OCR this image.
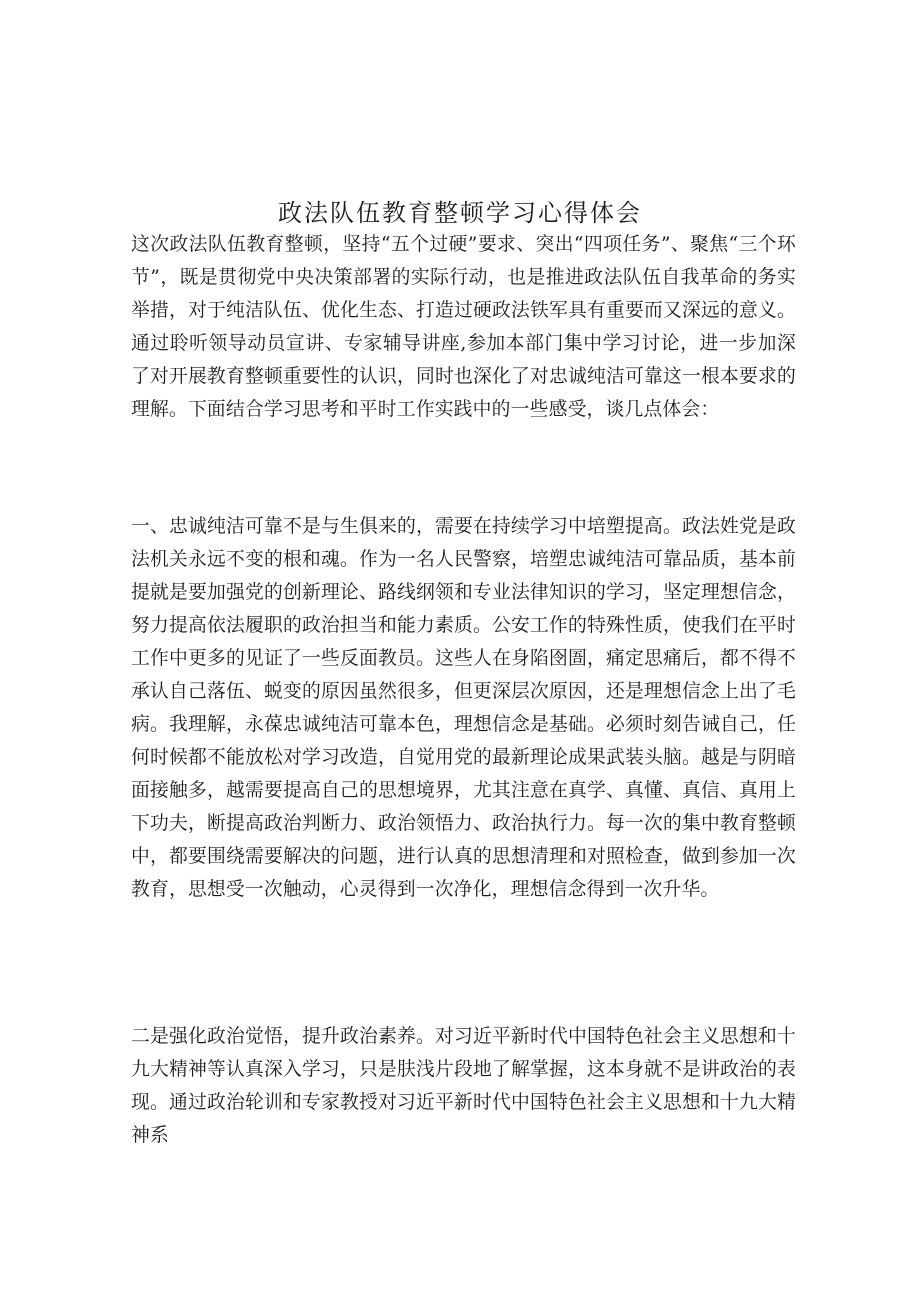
政法队伍教育整顿学习心得体会

这次政法队伍教育整顿，坚持“五个过硬”要求、突出“四项任务”、聚焦“三个环节”，既是贯彻党中央决策部署的实际行动，也是推进政法队伍自我革命的务实举措，对于纯洁队伍、优化生态、打造过硬政法铁军具有重要而又深远的意义。通过聆听领导动员宣讲、专家辅导讲座,参加本部门集中学习讨论，进一步加深了对开展教育整顿重要性的认识，同时也深化了对忠诚纯洁可靠这一根本要求的理解。下面结合学习思考和平时工作实践中的一些感受，谈几点体会：

一、忠诚纯洁可靠不是与生俱来的，需要在持续学习中培塑提高。政法姓党是政法机关永远不变的根和魂。作为一名人民警察，培塑忠诚纯洁可靠品质，基本前提就是要加强党的创新理论、路线纲领和专业法律知识的学习，坚定理想信念，努力提高依法履职的政治担当和能力素质。公安工作的特殊性质，使我们在平时工作中更多的见证了一些反面教员。这些人在身陷囹圄，痛定思痛后，都不得不承认自己落伍、蜕变的原因虽然很多，但更深层次原因，还是理想信念上出了毛病。我理解，永葆忠诚纯洁可靠本色，理想信念是基础。必须时刻告诫自己，任何时候都不能放松对学习改造，自觉用党的最新理论成果武装头脑。越是与阴暗面接触多，越需要提高自己的思想境界，尤其注意在真学、真懂、真信、真用上下功夫，断提高政治判断力、政治领悟力、政治执行力。每一次的集中教育整顿中，都要围绕需要解决的问题，进行认真的思想清理和对照检查，做到参加一次教育，思想受一次触动，心灵得到一次净化，理想信念得到一次升华。

二是强化政治觉悟，提升政治素养。对习近平新时代中国特色社会主义思想和十九大精神等认真深入学习，只是肤浅片段地了解掌握，这本身就不是讲政治的表现。通过政治轮训和专家教授对习近平新时代中国特色社会主义思想和十九大精神系
